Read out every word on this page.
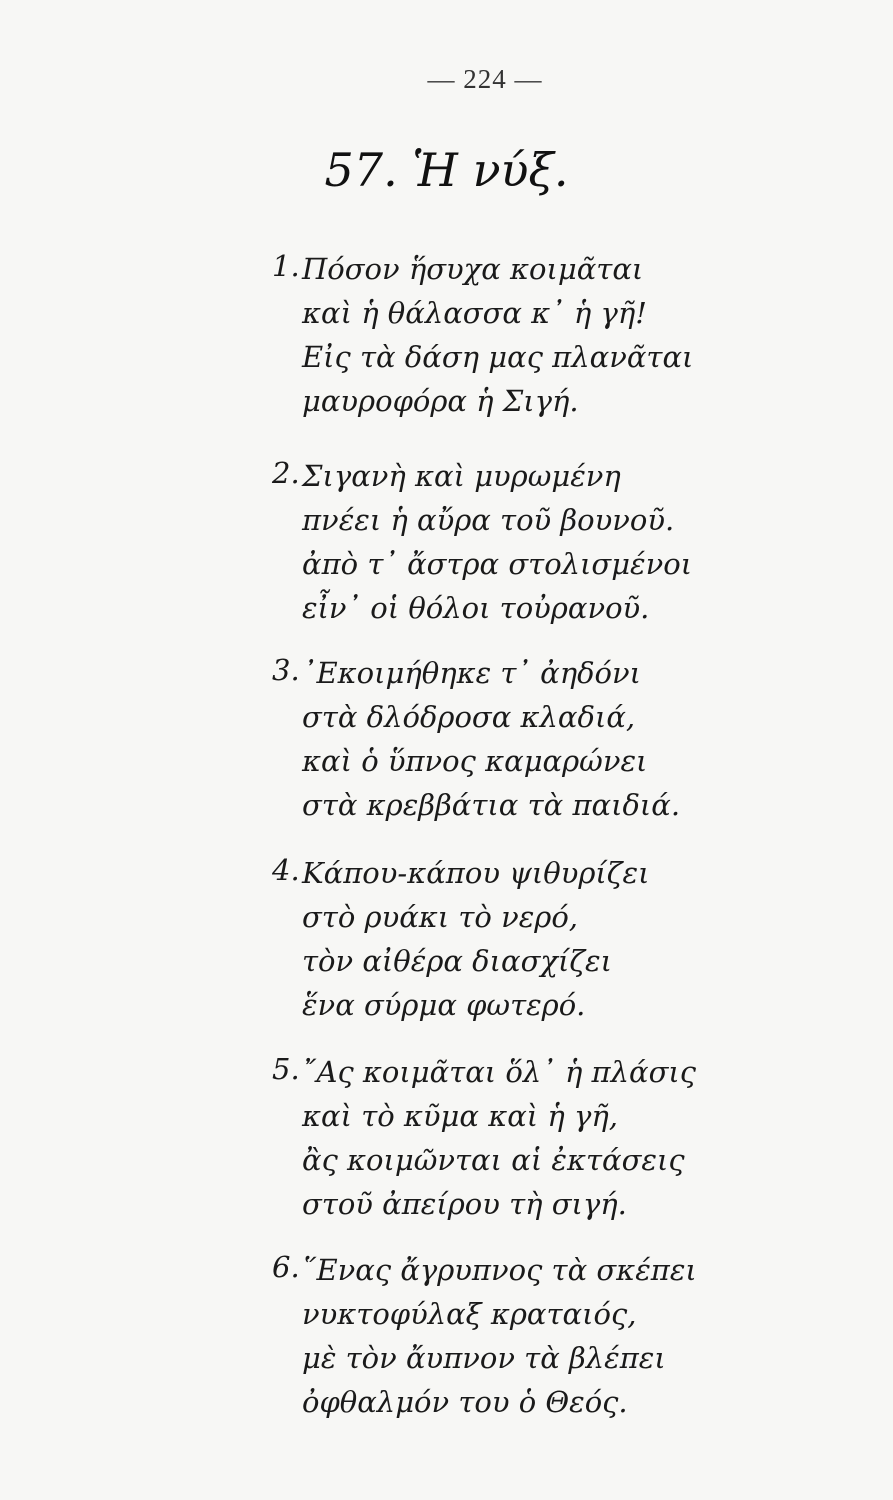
— 224 —
57. Ἡ νύξ.
1. Πόσον ἥσυχα κοιμᾶται
καὶ ἡ θάλασσα κ᾽ ἡ γῆ!
Εἰς τὰ δάση μας πλανᾶται
μαυροφόρα ἡ Σιγή.
2. Σιγανὴ καὶ μυρωμένη
πνέει ἡ αὔρα τοῦ βουνοῦ.
ἀπὸ τ᾽ ἄστρα στολισμένοι
εἶν᾽ οἱ θόλοι τοὐρανοῦ.
3. ᾿Εκοιμήθηκε τ᾽ ἀηδόνι
στὰ δλόδροσα κλαδιά,
καὶ ὁ ὕπνος καμαρώνει
στὰ κρεββάτια τὰ παιδιά.
4. Κάπου-κάπου ψιθυρίζει
στὸ ρυάκι τὸ νερό,
τὸν αἰθέρα διασχίζει
ἕνα σύρμα φωτερό.
5. ῎Ας κοιμᾶται ὅλ᾽ ἡ πλάσις
καὶ τὸ κῦμα καὶ ἡ γῆ,
ἂς κοιμῶνται αἱ ἐκτάσεις
στοῦ ἀπείρου τὴ σιγή.
6. ῞Ενας ἄγρυπνος τὰ σκέπει
νυκτοφύλαξ κραταιός,
μὲ τὸν ἄυπνον τὰ βλέπει
ὀφθαλμόν του ὁ Θεός.
